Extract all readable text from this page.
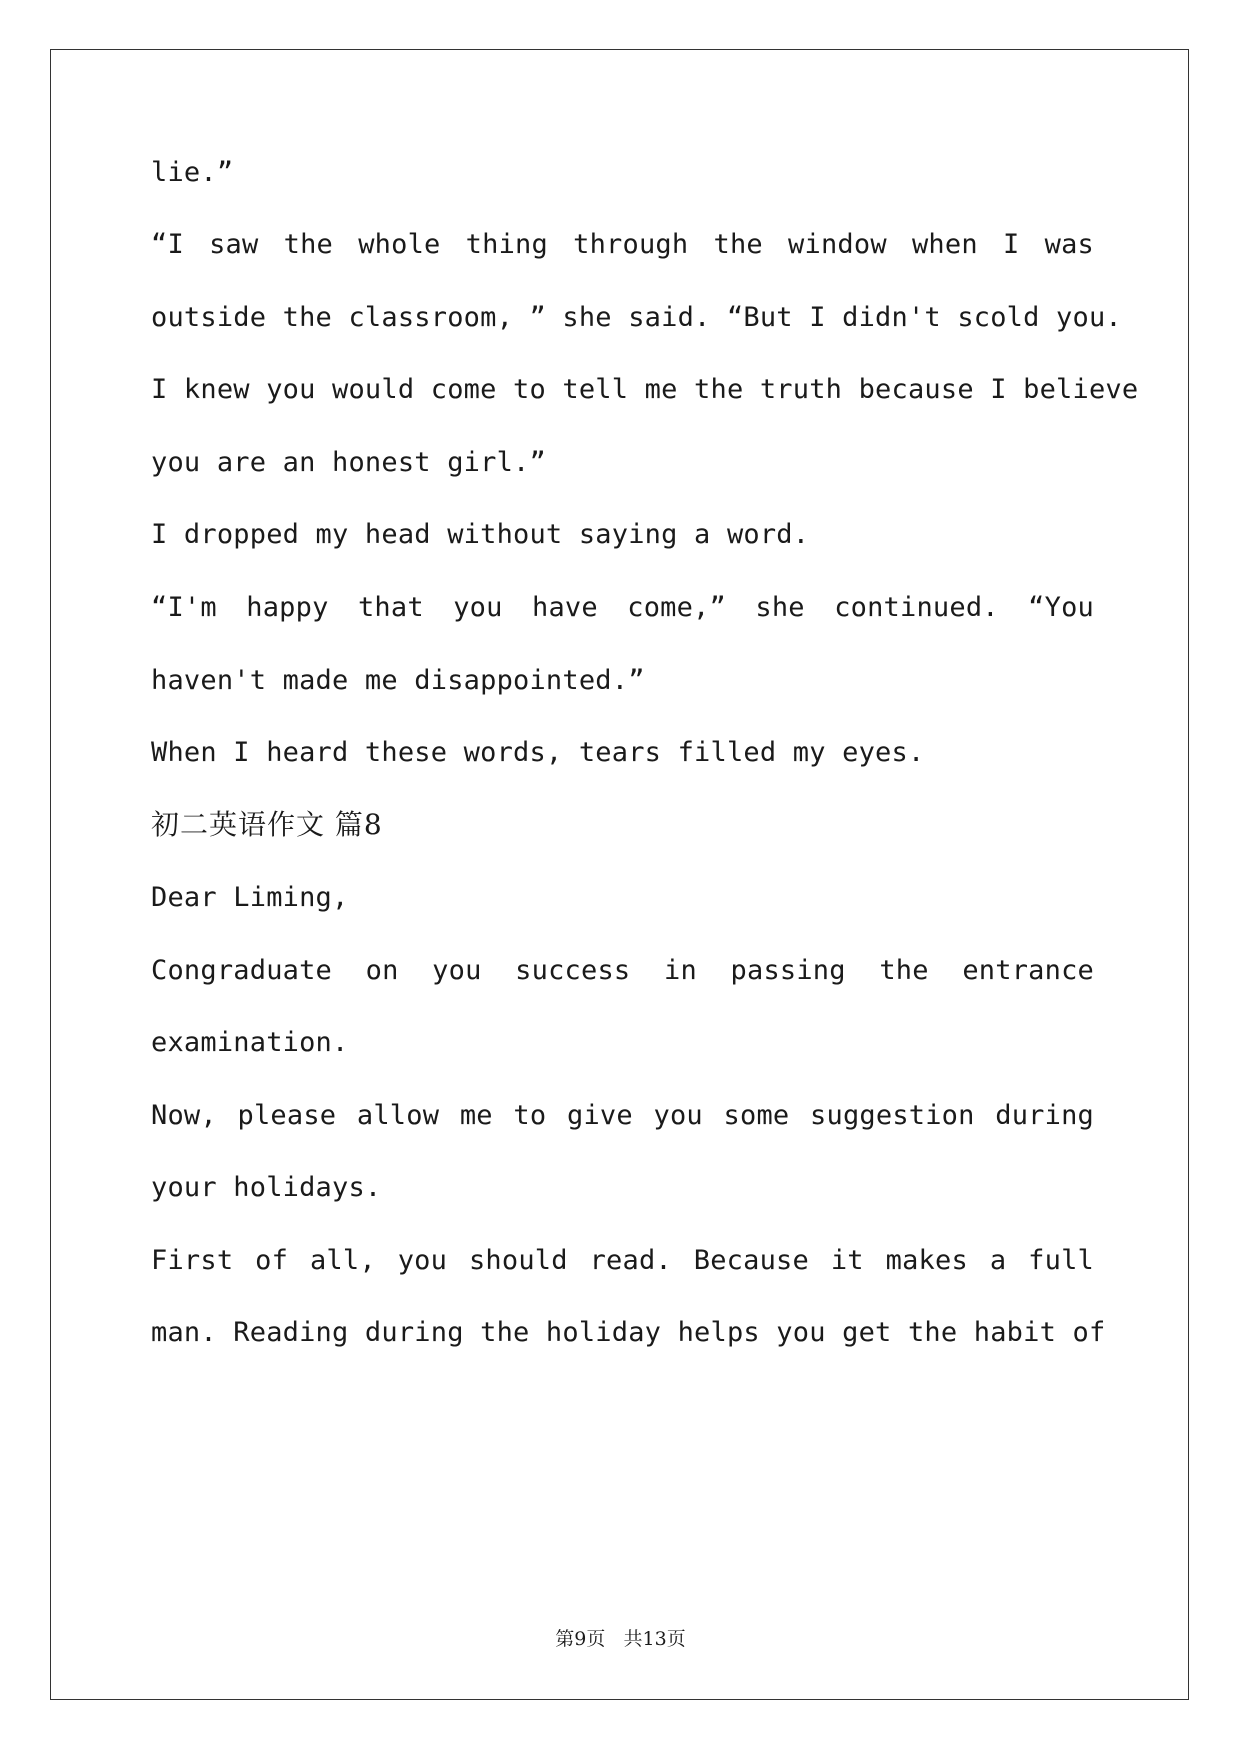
lie.”
“I saw the whole thing through the window when I was
outside the classroom, ” she said. “But I didn't scold you.
I knew you would come to tell me the truth because I believe
you are an honest girl.”
I dropped my head without saying a word.
“I'm happy that you have come,” she continued. “You
haven't made me disappointed.”
When I heard these words, tears filled my eyes.
初二英语作文 篇8
Dear Liming,
Congraduate on you success in passing the entrance
examination.
Now, please allow me to give you some suggestion during
your holidays.
First of all, you should read. Because it makes a full
man. Reading during the holiday helps you get the habit of
第9页 共13页
